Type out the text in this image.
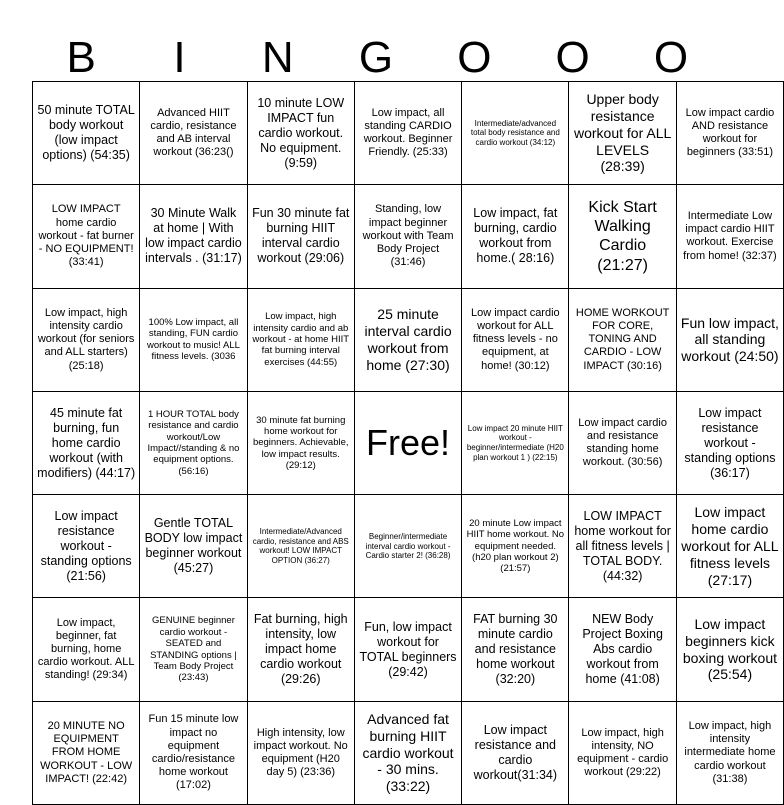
B	I	N	G	O	O	O
50 minute TOTAL body workout (low impact options) (54:35)	Advanced HIIT cardio, resistance and AB interval workout (36:23()	10 minute LOW IMPACT fun cardio workout. No equipment. (9:59)	Low impact, all standing CARDIO workout. Beginner Friendly. (25:33)	Intermediate/advanced total body resistance and cardio workout (34:12)	Upper body resistance workout for ALL LEVELS (28:39)	Low impact cardio AND resistance workout for beginners (33:51)
LOW IMPACT home cardio workout - fat burner - NO EQUIPMENT! (33:41)	30 Minute Walk at home | With low impact cardio intervals . (31:17)	Fun 30 minute fat burning HIIT interval cardio workout (29:06)	Standing, low impact beginner workout with Team Body Project (31:46)	Low impact, fat burning, cardio workout from home.( 28:16)	Kick Start Walking Cardio (21:27)	Intermediate Low impact cardio HIIT workout. Exercise from home! (32:37)
Low impact, high intensity cardio workout (for seniors and ALL starters) (25:18)	100% Low impact, all standing, FUN cardio workout to music! ALL fitness levels. (3036	Low impact, high intensity cardio and ab workout - at home HIIT fat burning interval exercises (44:55)	25 minute interval cardio workout from home (27:30)	Low impact cardio workout for ALL fitness levels - no equipment, at home! (30:12)	HOME WORKOUT FOR CORE, TONING AND CARDIO - LOW IMPACT (30:16)	Fun low impact, all standing workout (24:50)
45 minute fat burning, fun home cardio workout (with modifiers) (44:17)	1 HOUR TOTAL body resistance and cardio workout/Low Impact//standing & no equipment options. (56:16)	30 minute fat burning home workout for beginners. Achievable, low impact results. (29:12)	Free!	Low impact 20 minute HIIT workout - beginner/intermediate (H20 plan workout 1 ) (22:15)	Low impact cardio and resistance standing home workout. (30:56)	Low impact resistance workout - standing options (36:17)
Low impact resistance workout - standing options (21:56)	Gentle TOTAL BODY low impact beginner workout (45:27)	Intermediate/Advanced cardio, resistance and ABS workout! LOW IMPACT OPTION (36:27)	Beginner/intermediate interval cardio workout - Cardio starter 2! (36:28)	20 minute Low impact HIIT home workout. No equipment needed. (h20 plan workout 2) (21:57)	LOW IMPACT home workout for all fitness levels | TOTAL BODY. (44:32)	Low impact home cardio workout for ALL fitness levels (27:17)
Low impact, beginner, fat burning, home cardio workout. ALL standing! (29:34)	GENUINE beginner cardio workout - SEATED and STANDING options | Team Body Project (23:43)	Fat burning, high intensity, low impact home cardio workout (29:26)	Fun, low impact workout for TOTAL beginners (29:42)	FAT burning 30 minute cardio and resistance home workout (32:20)	NEW Body Project Boxing Abs cardio workout from home (41:08)	Low impact beginners kick boxing workout (25:54)
20 MINUTE NO EQUIPMENT FROM HOME WORKOUT - LOW IMPACT! (22:42)	Fun 15 minute low impact no equipment cardio/resistance home workout (17:02)	High intensity, low impact workout. No equipment (H20 day 5) (23:36)	Advanced fat burning HIIT cardio workout - 30 mins. (33:22)	Low impact resistance and cardio workout(31:34)	Low impact, high intensity, NO equipment - cardio workout (29:22)	Low impact, high intensity intermediate home cardio workout (31:38)
